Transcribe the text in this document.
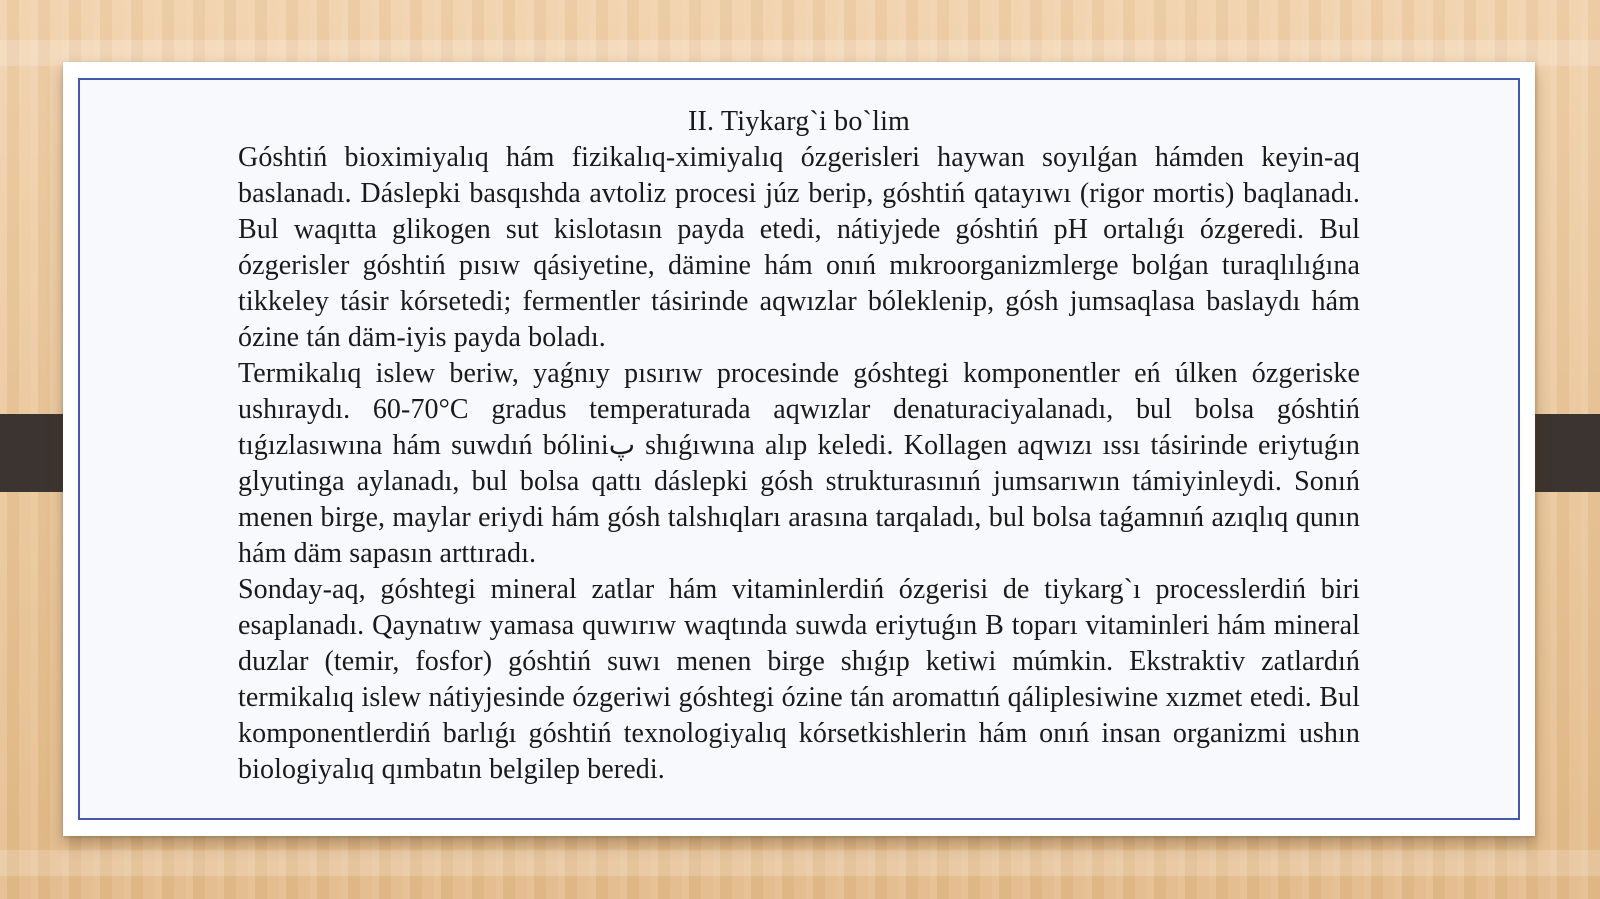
II. Tiykarg`i bo`lim

Góshtiń bioximiyalıq hám fizikalıq-ximiyalıq ózgerisleri haywan soyılǵan hámden keyin-aq baslanadı. Dáslepki basqıshda avtoliz procesi júz berip, góshtiń qatayıwı (rigor mortis) baqlanadı. Bul waqıtta glikogen sut kislotasın payda etedi, nátiyjede góshtiń pH ortalıǵı ózgeredi. Bul ózgerisler góshtiń pısıw qásiyetine, dämine hám onıń mıkroorganizmlerge bolǵan turaqlılıǵına tikkeley tásir kórsetedi; fermentler tásirinde aqwızlar bóleklenip, gósh jumsaqlasa baslaydı hám ózine tán däm-iyis payda boladı.

Termikalıq islew beriw, yaǵnıy pısırıw procesinde góshtegi komponentler eń úlken ózgeriske ushıraydı. 60-70°C gradus temperaturada aqwızlar denaturaciyalanadı, bul bolsa góshtiń tıǵızlasıwına hám suwdıń bóliniپ shıǵıwına alıp keledi. Kollagen aqwızı ıssı tásirinde eriytuǵın glyutinga aylanadı, bul bolsa qattı dáslepki gósh strukturasınıń jumsarıwın támiyinleydi. Sonıń menen birge, maylar eriydi hám gósh talshıqları arasına tarqaladı, bul bolsa taǵamnıń azıqlıq qunın hám däm sapasın arttıradı.

Sonday-aq, góshtegi mineral zatlar hám vitaminlerdiń ózgerisi de tiykarg`ı processlerdiń biri esaplanadı. Qaynatıw yamasa quwırıw waqtında suwda eriytuǵın B toparı vitaminleri hám mineral duzlar (temir, fosfor) góshtiń suwı menen birge shıǵıp ketiwi múmkin. Ekstraktiv zatlardıń termikalıq islew nátiyjesinde ózgeriwi góshtegi ózine tán aromattıń qáliplesiwine xızmet etedi. Bul komponentlerdiń barlıǵı góshtiń texnologiyalıq kórsetkishlerin hám onıń insan organizmi ushın biologiyalıq qımbatın belgilep beredi.
